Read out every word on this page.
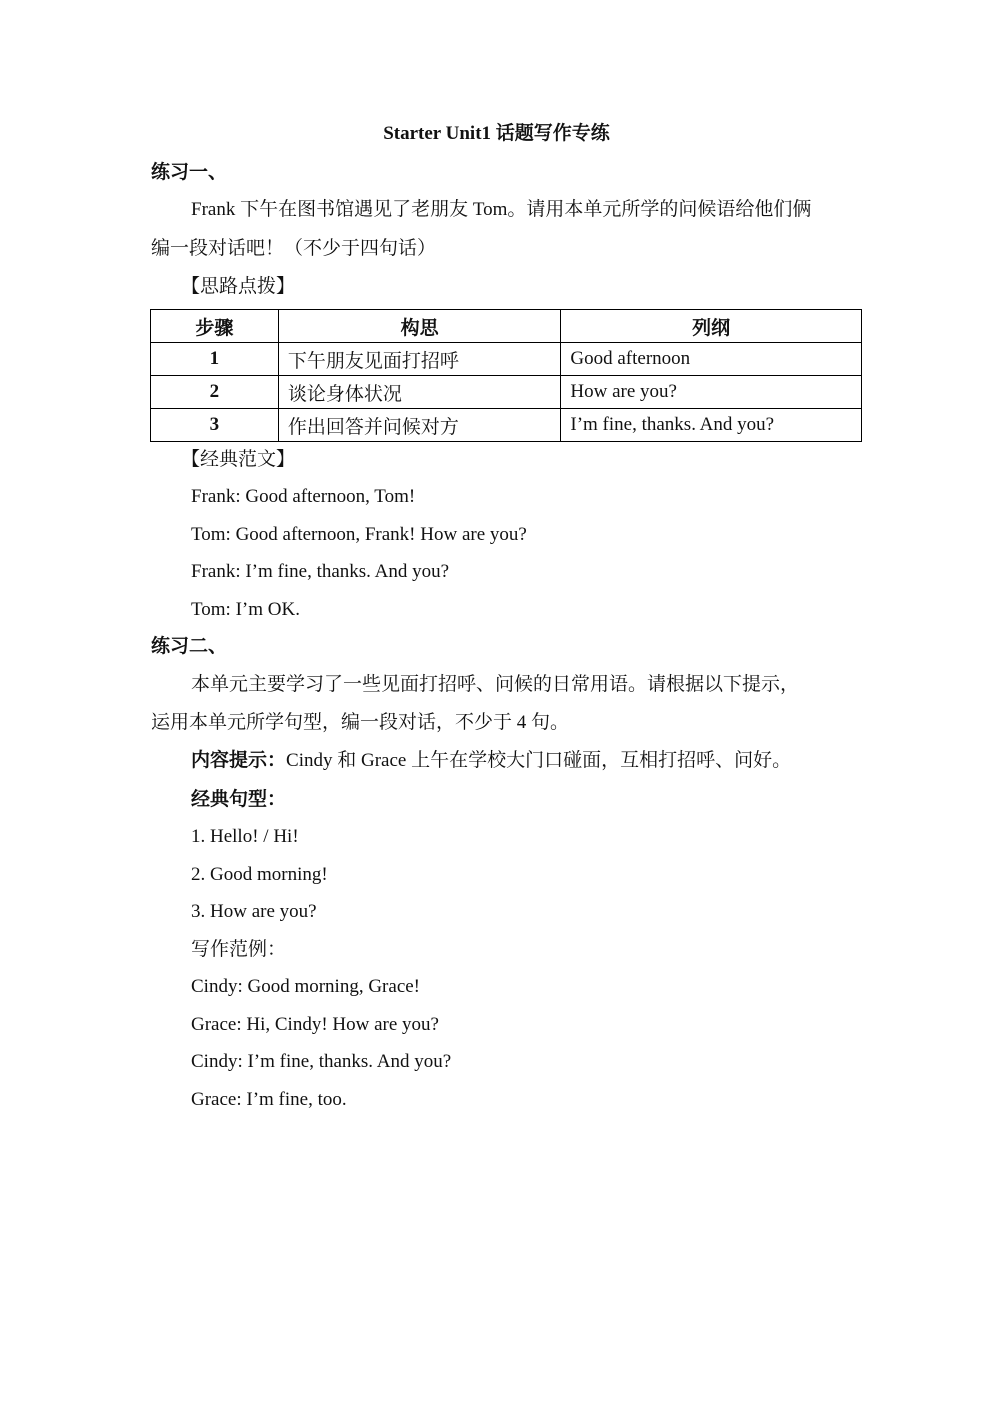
Starter Unit1 话题写作专练
练习一、
Frank 下午在图书馆遇见了老朋友 Tom。请用本单元所学的问候语给他们俩
编一段对话吧！（不少于四句话）
【思路点拨】
步骤	构思	列纲
1	下午朋友见面打招呼	Good afternoon
2	谈论身体状况	How are you?
3	作出回答并问候对方	I’m fine, thanks. And you?
【经典范文】
Frank: Good afternoon, Tom!
Tom: Good afternoon, Frank! How are you?
Frank: I’m fine, thanks. And you?
Tom: I’m OK.
练习二、
本单元主要学习了一些见面打招呼、问候的日常用语。请根据以下提示，
运用本单元所学句型，编一段对话，不少于 4 句。
内容提示：Cindy 和 Grace 上午在学校大门口碰面，互相打招呼、问好。
经典句型：
1. Hello! / Hi!
2. Good morning!
3. How are you?
写作范例：
Cindy: Good morning, Grace!
Grace: Hi, Cindy! How are you?
Cindy: I’m fine, thanks. And you?
Grace: I’m fine, too.
